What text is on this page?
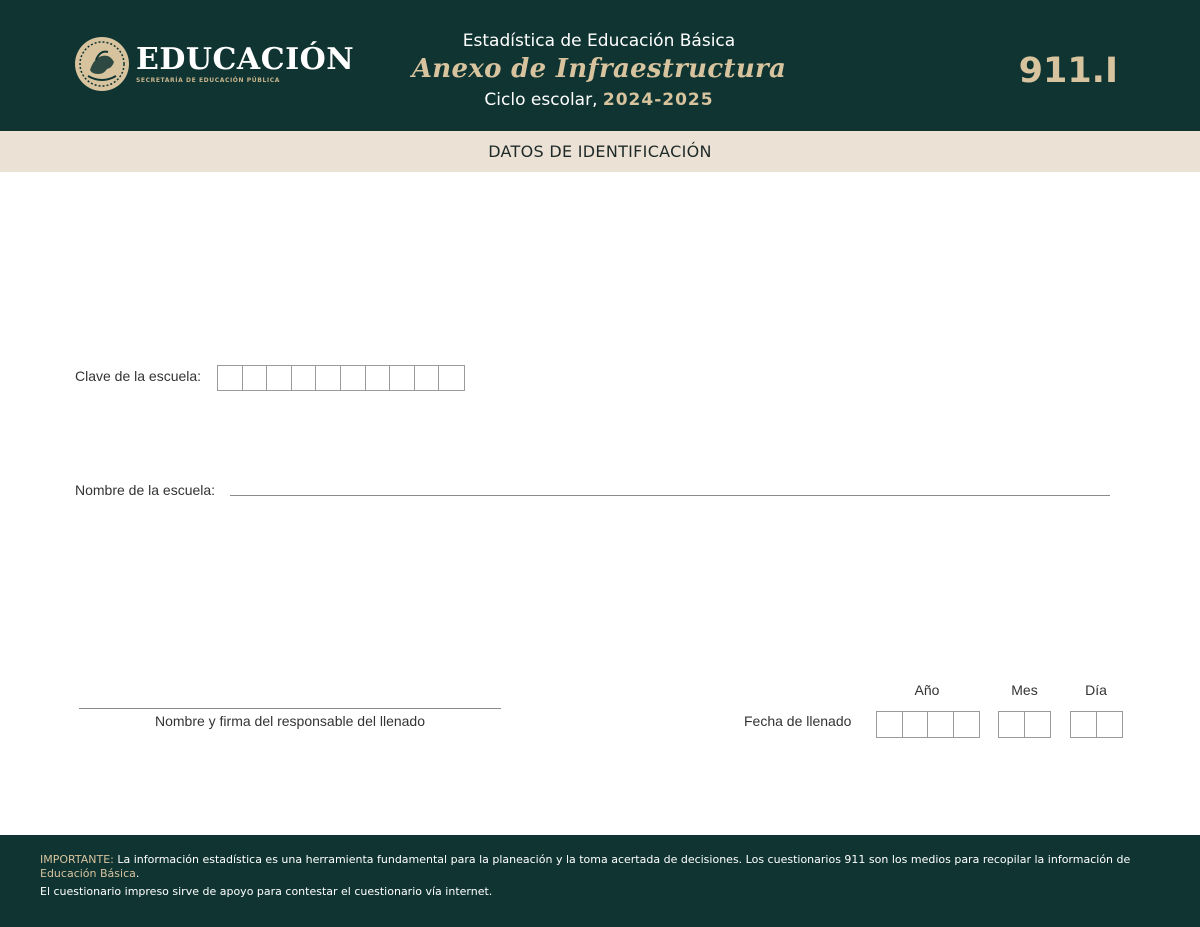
EDUCACIÓN
SECRETARÍA DE EDUCACIÓN PÚBLICA
Estadística de Educación Básica
Anexo de Infraestructura
Ciclo escolar, 2024-2025
911.I
DATOS DE IDENTIFICACIÓN
Clave de la escuela:
Nombre de la escuela:
Nombre y firma del responsable del llenado	Fecha de llenado
Año	Mes	Día
IMPORTANTE: La información estadística es una herramienta fundamental para la planeación y la toma acertada de decisiones. Los cuestionarios 911 son los medios para recopilar la información de Educación Básica.
El cuestionario impreso sirve de apoyo para contestar el cuestionario vía internet.
